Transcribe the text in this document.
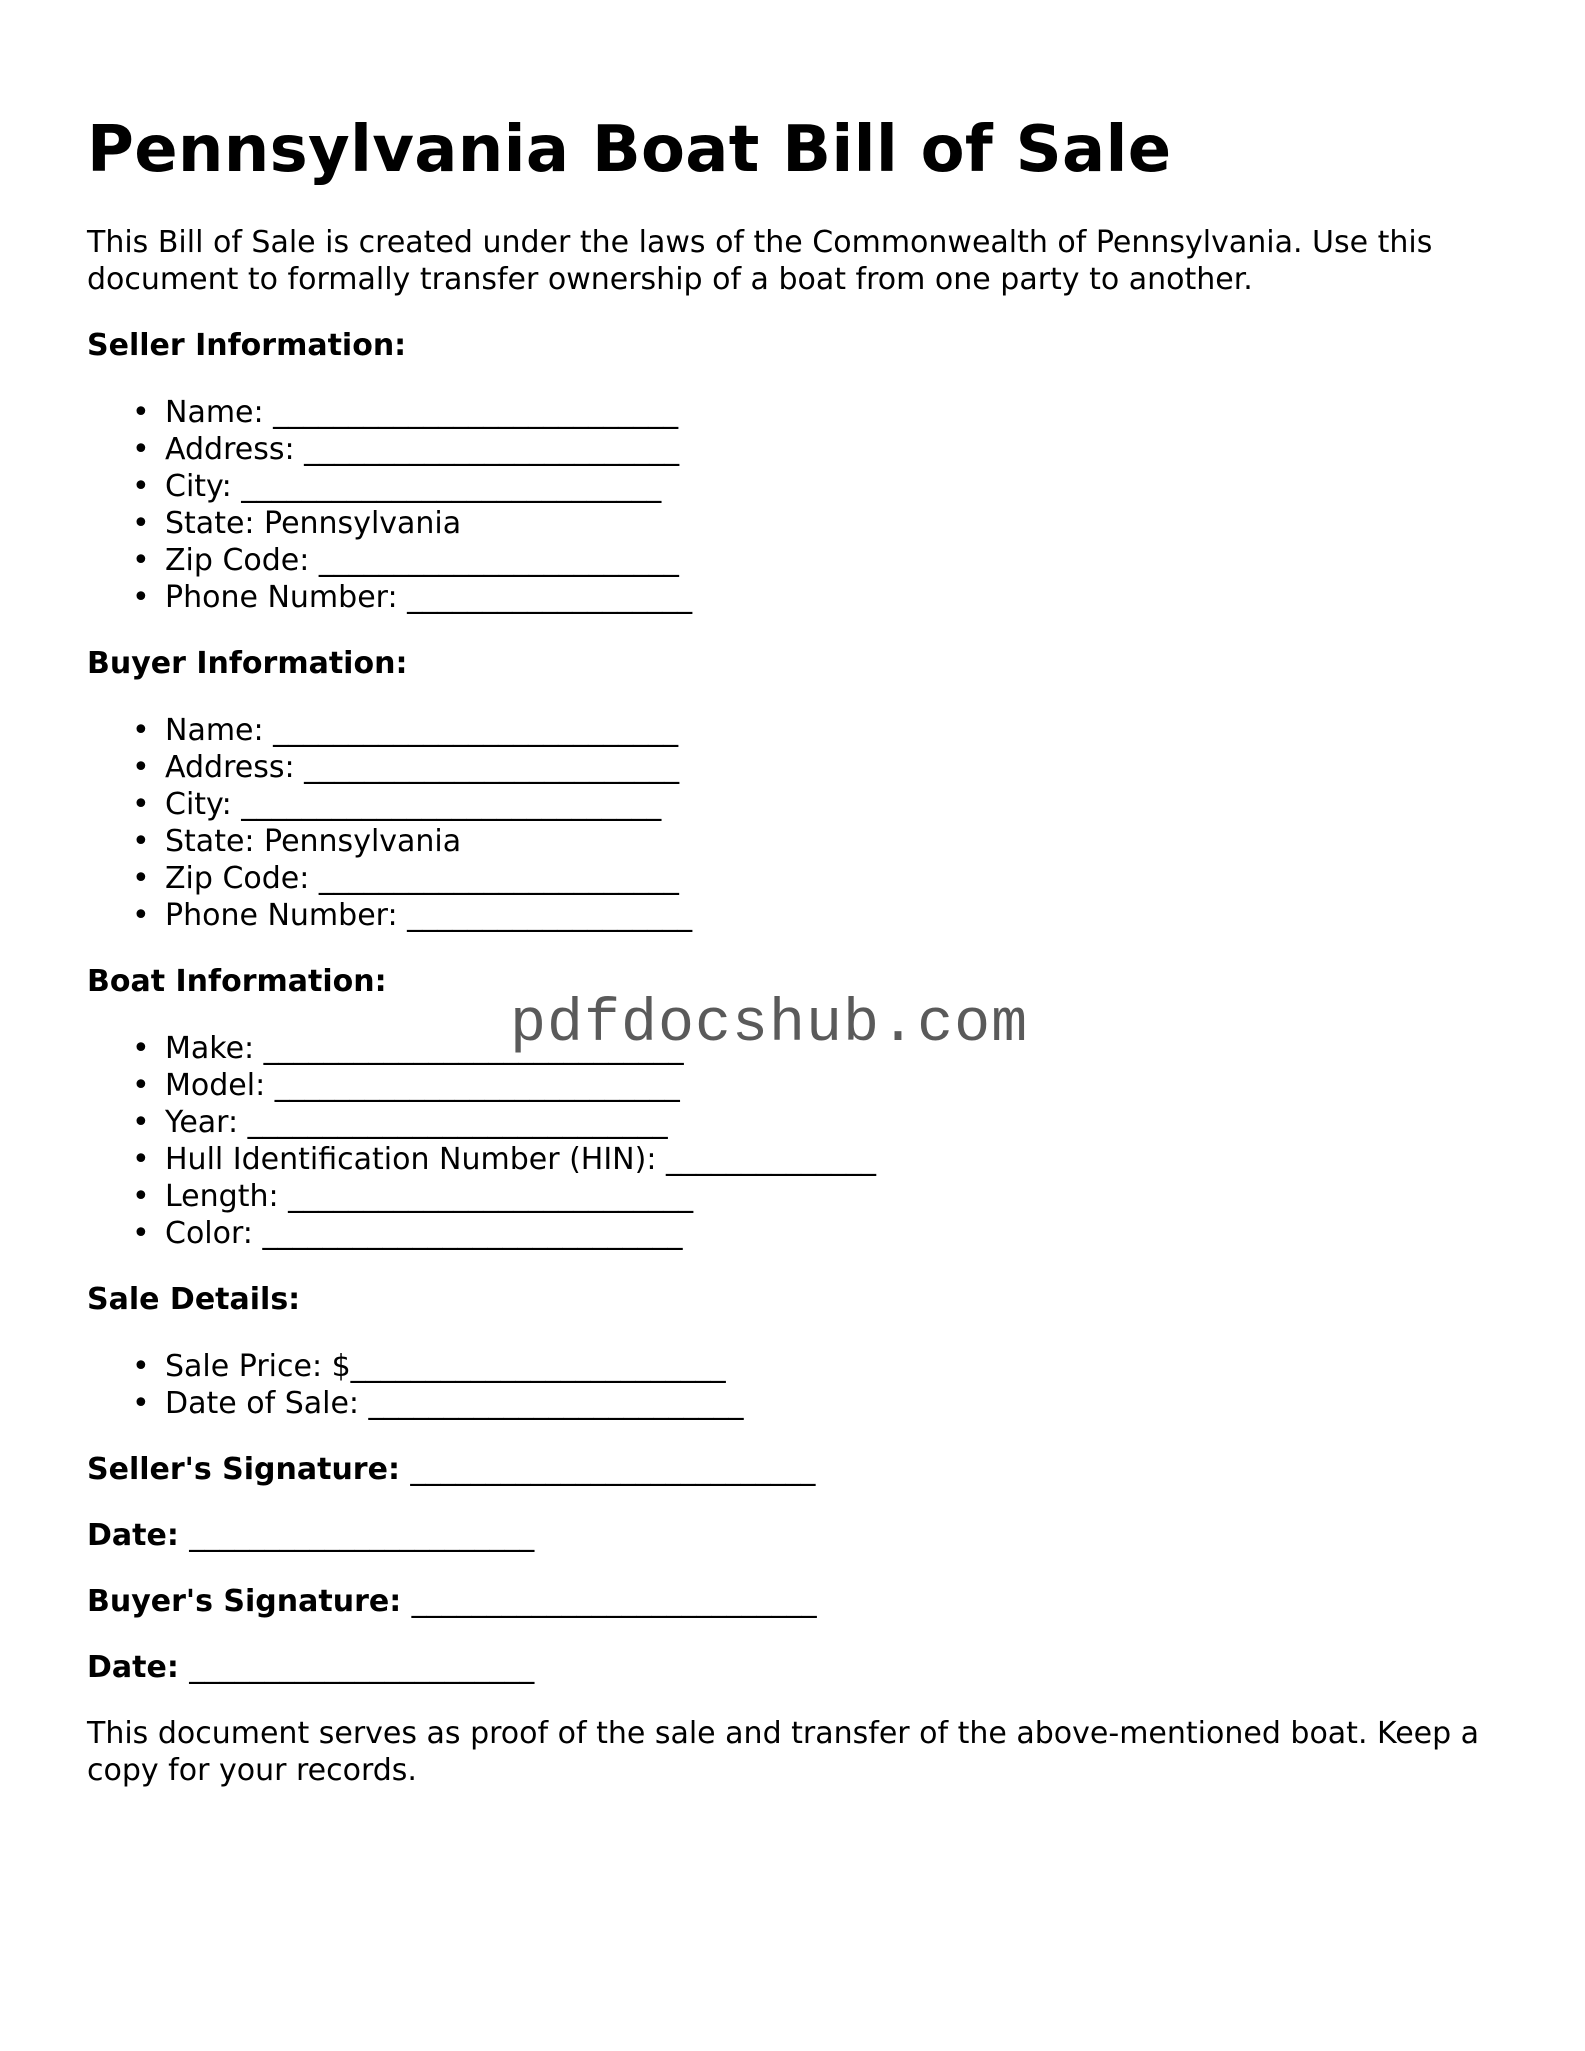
Pennsylvania Boat Bill of Sale

This Bill of Sale is created under the laws of the Commonwealth of Pennsylvania. Use this document to formally transfer ownership of a boat from one party to another.

Seller Information:
• Name: ___________________________
• Address: _________________________
• City: ____________________________
• State: Pennsylvania
• Zip Code: ________________________
• Phone Number: ___________________
Buyer Information:
• Name: ___________________________
• Address: _________________________
• City: ____________________________
• State: Pennsylvania
• Zip Code: ________________________
• Phone Number: ___________________
Boat Information:
• Make: ____________________________
• Model: ___________________________
• Year: ____________________________
• Hull Identification Number (HIN): ______________
• Length: ___________________________
• Color: ____________________________
Sale Details:
• Sale Price: $_________________________
• Date of Sale: _________________________
Seller's Signature: ___________________________
Date: _______________________
Buyer's Signature: ___________________________
Date: _______________________

This document serves as proof of the sale and transfer of the above-mentioned boat. Keep a copy for your records.

pdfdocshub.com
